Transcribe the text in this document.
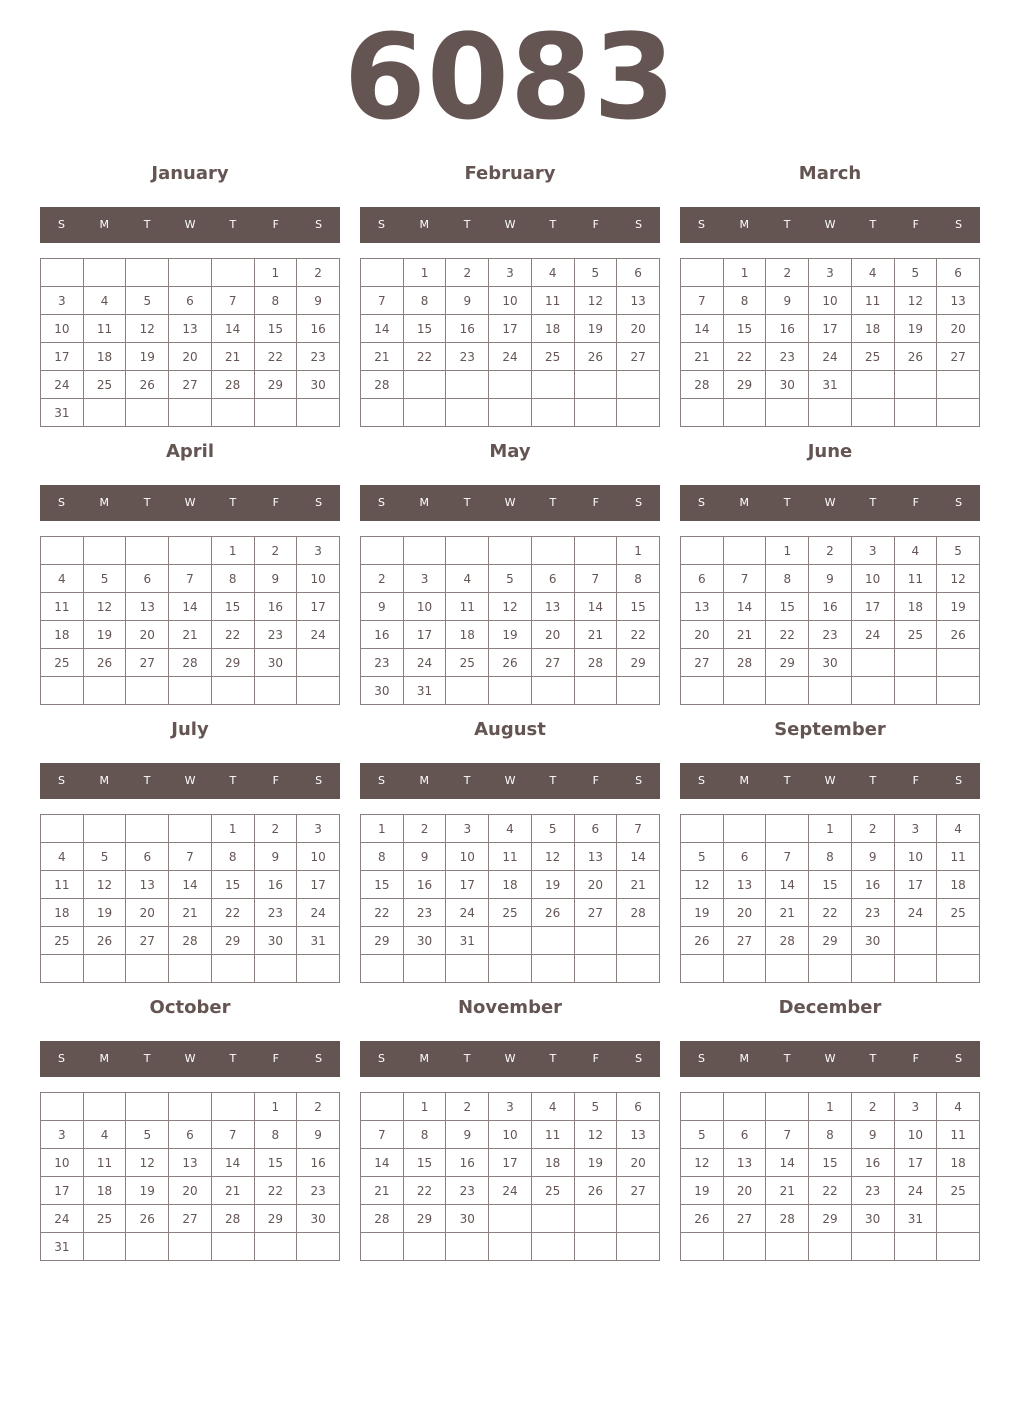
6083
January
S	M	T	W	T	F	S
					1	2
3	4	5	6	7	8	9
10	11	12	13	14	15	16
17	18	19	20	21	22	23
24	25	26	27	28	29	30
31						
February
S	M	T	W	T	F	S
	1	2	3	4	5	6
7	8	9	10	11	12	13
14	15	16	17	18	19	20
21	22	23	24	25	26	27
28						

March
S	M	T	W	T	F	S
	1	2	3	4	5	6
7	8	9	10	11	12	13
14	15	16	17	18	19	20
21	22	23	24	25	26	27
28	29	30	31			

April
S	M	T	W	T	F	S
				1	2	3
4	5	6	7	8	9	10
11	12	13	14	15	16	17
18	19	20	21	22	23	24
25	26	27	28	29	30	

May
S	M	T	W	T	F	S
						1
2	3	4	5	6	7	8
9	10	11	12	13	14	15
16	17	18	19	20	21	22
23	24	25	26	27	28	29
30	31					
June
S	M	T	W	T	F	S
		1	2	3	4	5
6	7	8	9	10	11	12
13	14	15	16	17	18	19
20	21	22	23	24	25	26
27	28	29	30			

July
S	M	T	W	T	F	S
				1	2	3
4	5	6	7	8	9	10
11	12	13	14	15	16	17
18	19	20	21	22	23	24
25	26	27	28	29	30	31

August
S	M	T	W	T	F	S
1	2	3	4	5	6	7
8	9	10	11	12	13	14
15	16	17	18	19	20	21
22	23	24	25	26	27	28
29	30	31				

September
S	M	T	W	T	F	S
			1	2	3	4
5	6	7	8	9	10	11
12	13	14	15	16	17	18
19	20	21	22	23	24	25
26	27	28	29	30		

October
S	M	T	W	T	F	S
					1	2
3	4	5	6	7	8	9
10	11	12	13	14	15	16
17	18	19	20	21	22	23
24	25	26	27	28	29	30
31						
November
S	M	T	W	T	F	S
	1	2	3	4	5	6
7	8	9	10	11	12	13
14	15	16	17	18	19	20
21	22	23	24	25	26	27
28	29	30				

December
S	M	T	W	T	F	S
			1	2	3	4
5	6	7	8	9	10	11
12	13	14	15	16	17	18
19	20	21	22	23	24	25
26	27	28	29	30	31	
